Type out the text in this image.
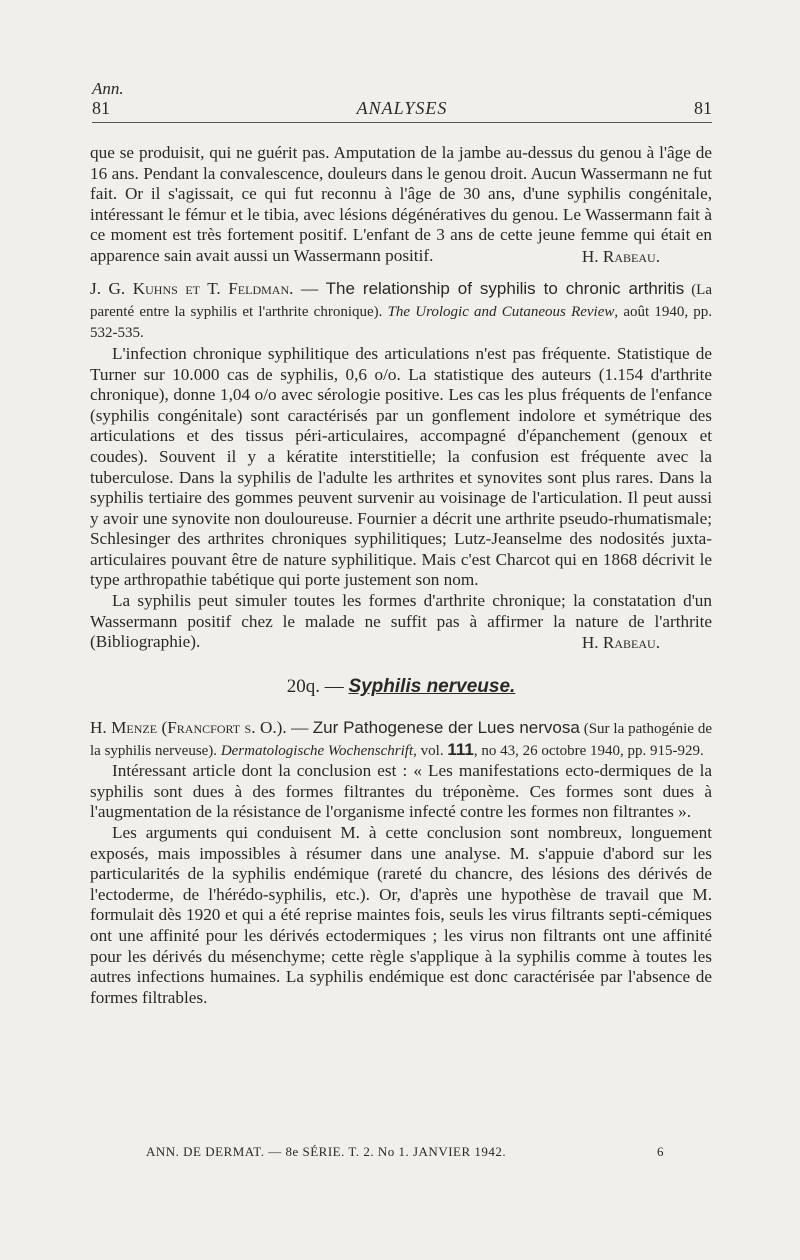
Ann.
81	ANALYSES	81

que se produisit, qui ne guérit pas. Amputation de la jambe au-dessus du genou à l'âge de 16 ans. Pendant la convalescence, douleurs dans le genou droit. Aucun Wassermann ne fut fait. Or il s'agissait, ce qui fut reconnu à l'âge de 30 ans, d'une syphilis congénitale, intéressant le fémur et le tibia, avec lésions dégénératives du genou. Le Wassermann fait à ce moment est très fortement positif. L'enfant de 3 ans de cette jeune femme qui était en apparence sain avait aussi un Wassermann positif.	H. Rabeau.

J. G. Kuhns et T. Feldman. — The relationship of syphilis to chronic arthritis (La parenté entre la syphilis et l'arthrite chronique). The Urologic and Cutaneous Review, août 1940, pp. 532-535.

L'infection chronique syphilitique des articulations n'est pas fréquente. Statistique de Turner sur 10.000 cas de syphilis, 0,6 o/o. La statistique des auteurs (1.154 d'arthrite chronique), donne 1,04 o/o avec sérologie positive. Les cas les plus fréquents de l'enfance (syphilis congénitale) sont caractérisés par un gonflement indolore et symétrique des articulations et des tissus péri-articulaires, accompagné d'épanchement (genoux et coudes). Souvent il y a kératite interstitielle; la confusion est fréquente avec la tuberculose. Dans la syphilis de l'adulte les arthrites et synovites sont plus rares. Dans la syphilis tertiaire des gommes peuvent survenir au voisinage de l'articulation. Il peut aussi y avoir une synovite non douloureuse. Fournier a décrit une arthrite pseudo-rhumatismale; Schlesinger des arthrites chroniques syphilitiques; Lutz-Jeanselme des nodosités juxta-articulaires pouvant être de nature syphilitique. Mais c'est Charcot qui en 1868 décrivit le type arthropathie tabétique qui porte justement son nom.

La syphilis peut simuler toutes les formes d'arthrite chronique; la constatation d'un Wassermann positif chez le malade ne suffit pas à affirmer la nature de l'arthrite (Bibliographie).	H. Rabeau.

20q. — Syphilis nerveuse.

H. Menze (Francfort s. O.). — Zur Pathogenese der Lues nervosa (Sur la pathogénie de la syphilis nerveuse). Dermatologische Wochenschrift, vol. 111, no 43, 26 octobre 1940, pp. 915-929.

Intéressant article dont la conclusion est : « Les manifestations ecto-dermiques de la syphilis sont dues à des formes filtrantes du tréponème. Ces formes sont dues à l'augmentation de la résistance de l'organisme infecté contre les formes non filtrantes ».

Les arguments qui conduisent M. à cette conclusion sont nombreux, longuement exposés, mais impossibles à résumer dans une analyse. M. s'appuie d'abord sur les particularités de la syphilis endémique (rareté du chancre, des lésions des dérivés de l'ectoderme, de l'hérédo-syphilis, etc.). Or, d'après une hypothèse de travail que M. formulait dès 1920 et qui a été reprise maintes fois, seuls les virus filtrants septi-cémiques ont une affinité pour les dérivés ectodermiques ; les virus non filtrants ont une affinité pour les dérivés du mésenchyme; cette règle s'applique à la syphilis comme à toutes les autres infections humaines. La syphilis endémique est donc caractérisée par l'absence de formes filtrables.

ANN. DE DERMAT. — 8e SÉRIE. T. 2. No 1. JANVIER 1942.	6
